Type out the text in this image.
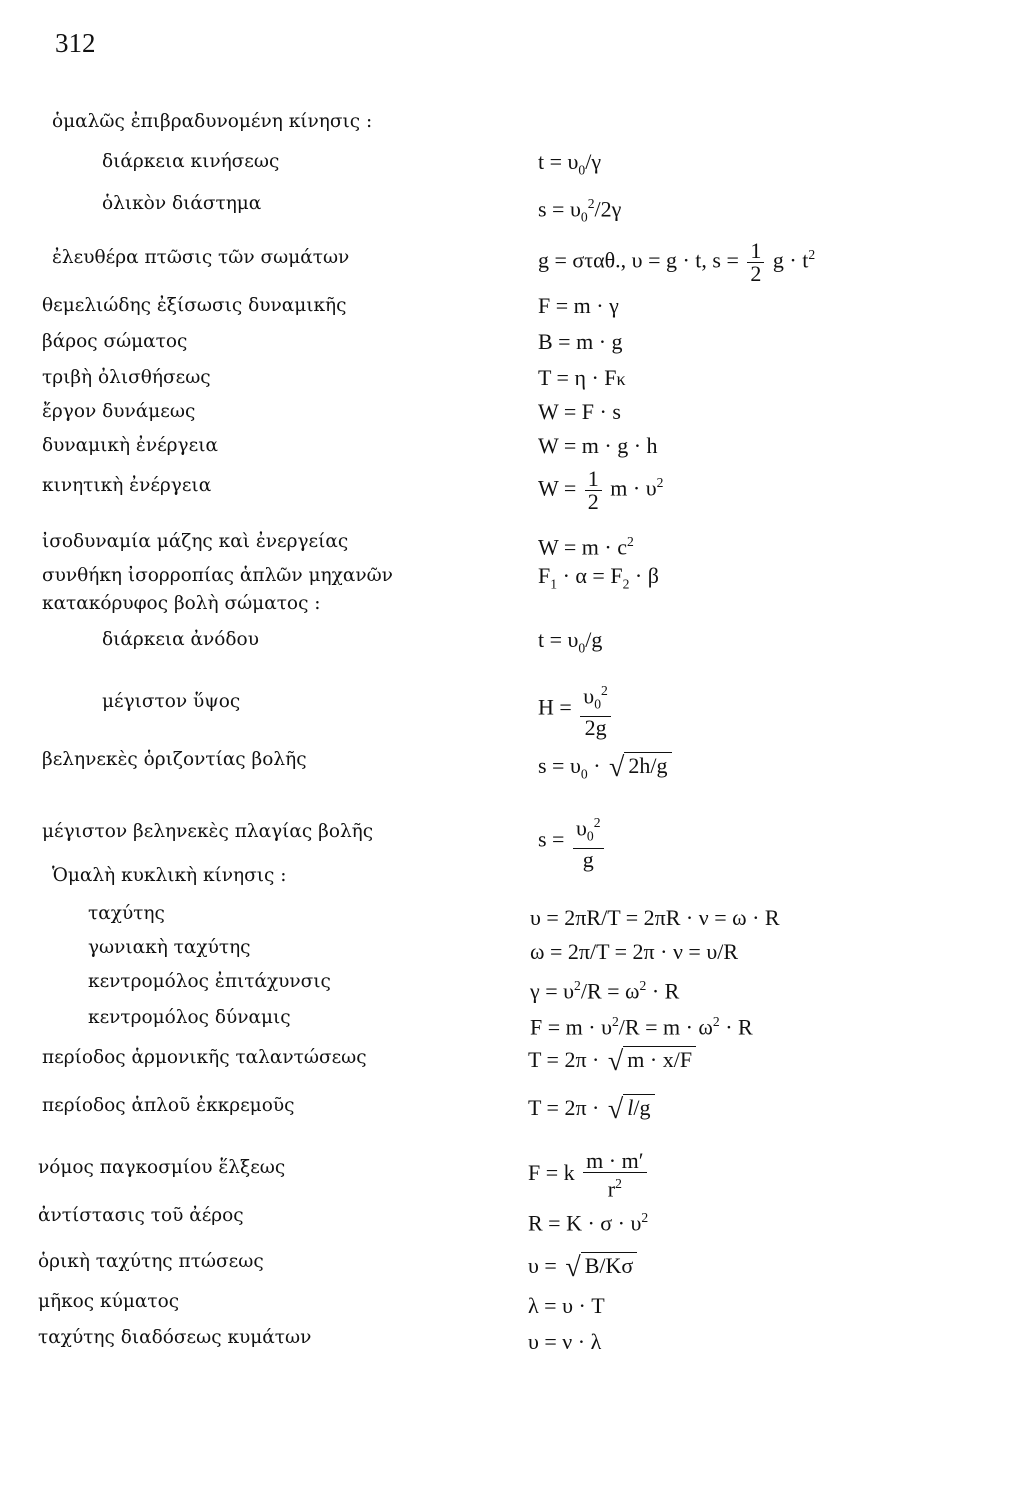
312
ὁμαλῶς ἐπιβραδυνομένη κίνησις :
διάρκεια κινήσεως	$t = \upsilon_0/\gamma$
ὁλικὸν διάστημα	$s = \upsilon_0^2/2\gamma$
ἐλευθέρα πτῶσις τῶν σωμάτων	g = σταθ., υ = g · t, $s = \frac{1}{2}$ $g \cdot t^2$
θεμελιώδης ἐξίσωσις δυναμικῆς	F = m · γ
βάρος σώματος	B = m · g
τριβὴ ὀλισθήσεως	T = η · Fκ
ἔργον δυνάμεως	W = F · s
δυναμικὴ ἐνέργεια	W = m · g · h
κινητικὴ ἐνέργεια	$W = \frac{1}{2}$ $m \cdot \upsilon^2$
ἰσοδυναμία μάζης καὶ ἐνεργείας	$W = m \cdot c^2$
συνθήκη ἰσορροπίας ἁπλῶν μηχανῶν	$F_1 \cdot \alpha = F_2 \cdot \beta$
κατακόρυφος βολὴ σώματος :
διάρκεια ἀνόδου	$t = \upsilon_0/g$
μέγιστον ὕψος	$H = \frac{\upsilon_0^2}{2g}$
βεληνεκὲς ὁριζοντίας βολῆς	$s = \upsilon_0$ · √ 2h/g
μέγιστον βεληνεκὲς πλαγίας βολῆς	$s = \frac{\upsilon_0^2}{g}$
Ὁμαλὴ κυκλικὴ κίνησις :
ταχύτης	υ = 2πR/T = 2πR · ν = ω · R
γωνιακὴ ταχύτης	ω = 2π/T = 2π · ν = υ/R
κεντρομόλος ἐπιτάχυνσις	$\gamma = \upsilon^2/R = \omega^2 \cdot R$
κεντρομόλος δύναμις	$F = m \cdot \upsilon^2/R = m \cdot \omega^2 \cdot R$
περίοδος ἁρμονικῆς ταλαντώσεως	T = 2π · √ m · x/F
περίοδος ἁπλοῦ ἐκκρεμοῦς	T = 2π · √ l/g
νόμος παγκοσμίου ἕλξεως	F = k $\frac{m \cdot m'}{r^2}$
ἀντίστασις τοῦ ἀέρος	$R = K \cdot \sigma \cdot \upsilon^2$
ὁρικὴ ταχύτης πτώσεως	υ = √ B/Kσ
μῆκος κύματος	λ = υ · T
ταχύτης διαδόσεως κυμάτων	υ = ν · λ
